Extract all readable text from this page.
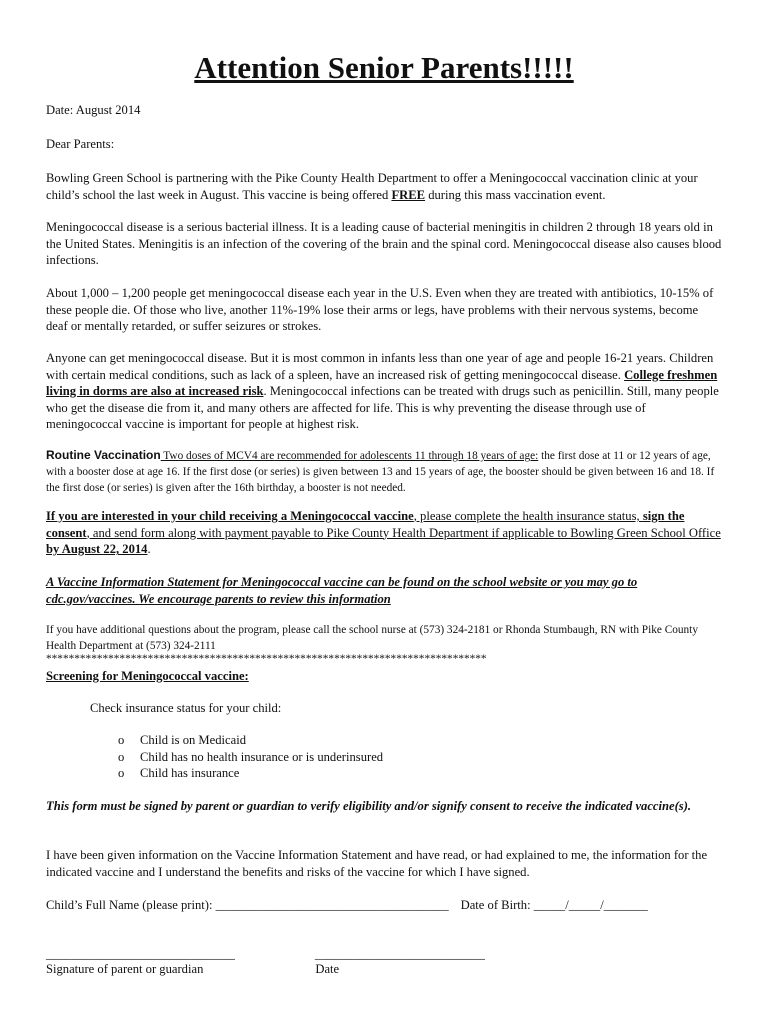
Attention Senior Parents!!!!!

Date: August 2014

Dear Parents:

Bowling Green School is partnering with the Pike County Health Department to offer a Meningococcal vaccination clinic at your child’s school the last week in August. This vaccine is being offered FREE during this mass vaccination event.

Meningococcal disease is a serious bacterial illness. It is a leading cause of bacterial meningitis in children 2 through 18 years old in the United States. Meningitis is an infection of the covering of the brain and the spinal cord. Meningococcal disease also causes blood infections.

About 1,000 – 1,200 people get meningococcal disease each year in the U.S. Even when they are treated with antibiotics, 10-15% of these people die. Of those who live, another 11%-19% lose their arms or legs, have problems with their nervous systems, become deaf or mentally retarded, or suffer seizures or strokes.

Anyone can get meningococcal disease. But it is most common in infants less than one year of age and people 16-21 years. Children with certain medical conditions, such as lack of a spleen, have an increased risk of getting meningococcal disease. College freshmen living in dorms are also at increased risk. Meningococcal infections can be treated with drugs such as penicillin. Still, many people who get the disease die from it, and many others are affected for life. This is why preventing the disease through use of meningococcal vaccine is important for people at highest risk.

Routine Vaccination Two doses of MCV4 are recommended for adolescents 11 through 18 years of age: the first dose at 11 or 12 years of age, with a booster dose at age 16. If the first dose (or series) is given between 13 and 15 years of age, the booster should be given between 16 and 18. If the first dose (or series) is given after the 16th birthday, a booster is not needed.

If you are interested in your child receiving a Meningococcal vaccine, please complete the health insurance status, sign the consent, and send form along with payment payable to Pike County Health Department if applicable to Bowling Green School Office by August 22, 2014.

A Vaccine Information Statement for Meningococcal vaccine can be found on the school website or you may go to cdc.gov/vaccines. We encourage parents to review this information

If you have additional questions about the program, please call the school nurse at (573) 324-2181 or Rhonda Stumbaugh, RN with Pike County Health Department at (573) 324-2111

******************************************************************************

Screening for Meningococcal vaccine:

Check insurance status for your child:

o	Child is on Medicaid
o	Child has no health insurance or is underinsured
o	Child has insurance

This form must be signed by parent or guardian to verify eligibility and/or signify consent to receive the indicated vaccine(s).

I have been given information on the Vaccine Information Statement and have read, or had explained to me, the information for the indicated vaccine and I understand the benefits and risks of the vaccine for which I have signed.

Child’s Full Name (please print): _____________________________________ Date of Birth: _____/_____/_______

______________________________	___________________________

Signature of parent or guardian	Date
